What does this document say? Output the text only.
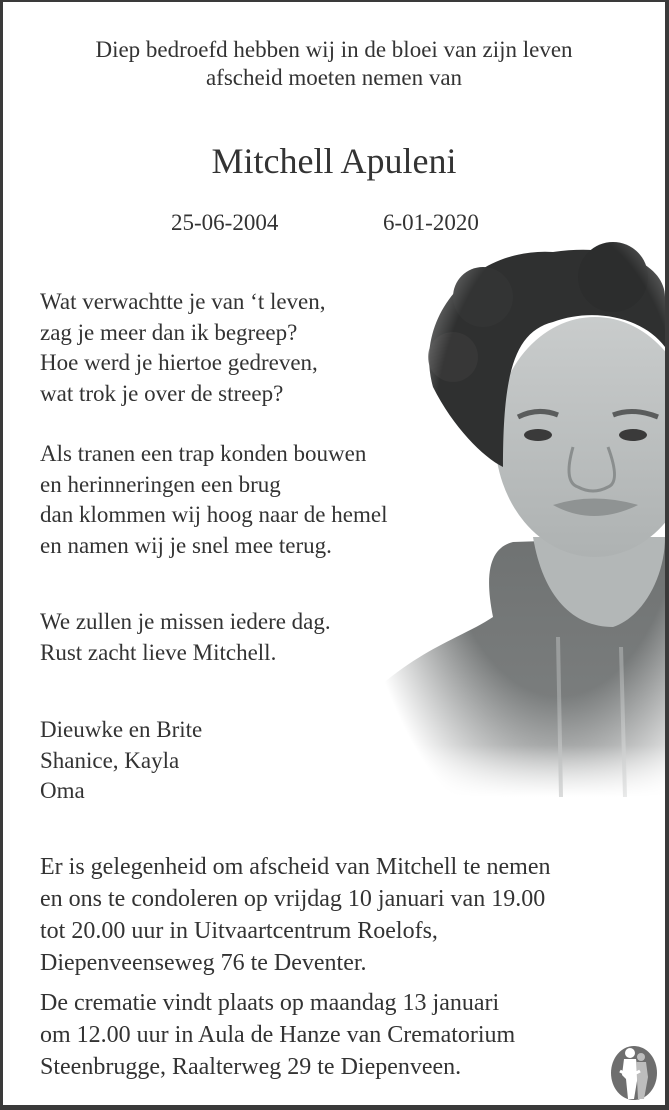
Diep bedroefd hebben wij in de bloei van zijn leven
afscheid moeten nemen van
Mitchell Apuleni
25-06-2004	6-01-2020
Wat verwachtte je van ‘t leven,
zag je meer dan ik begreep?
Hoe werd je hiertoe gedreven,
wat trok je over de streep?
Als tranen een trap konden bouwen
en herinneringen een brug
dan klommen wij hoog naar de hemel
en namen wij je snel mee terug.
We zullen je missen iedere dag.
Rust zacht lieve Mitchell.
Dieuwke en Brite
Shanice, Kayla
Oma
Er is gelegenheid om afscheid van Mitchell te nemen
en ons te condoleren op vrijdag 10 januari van 19.00
tot 20.00 uur in Uitvaartcentrum Roelofs,
Diepenveenseweg 76 te Deventer.
De crematie vindt plaats op maandag 13 januari
om 12.00 uur in Aula de Hanze van Crematorium
Steenbrugge, Raalterweg 29 te Diepenveen.
